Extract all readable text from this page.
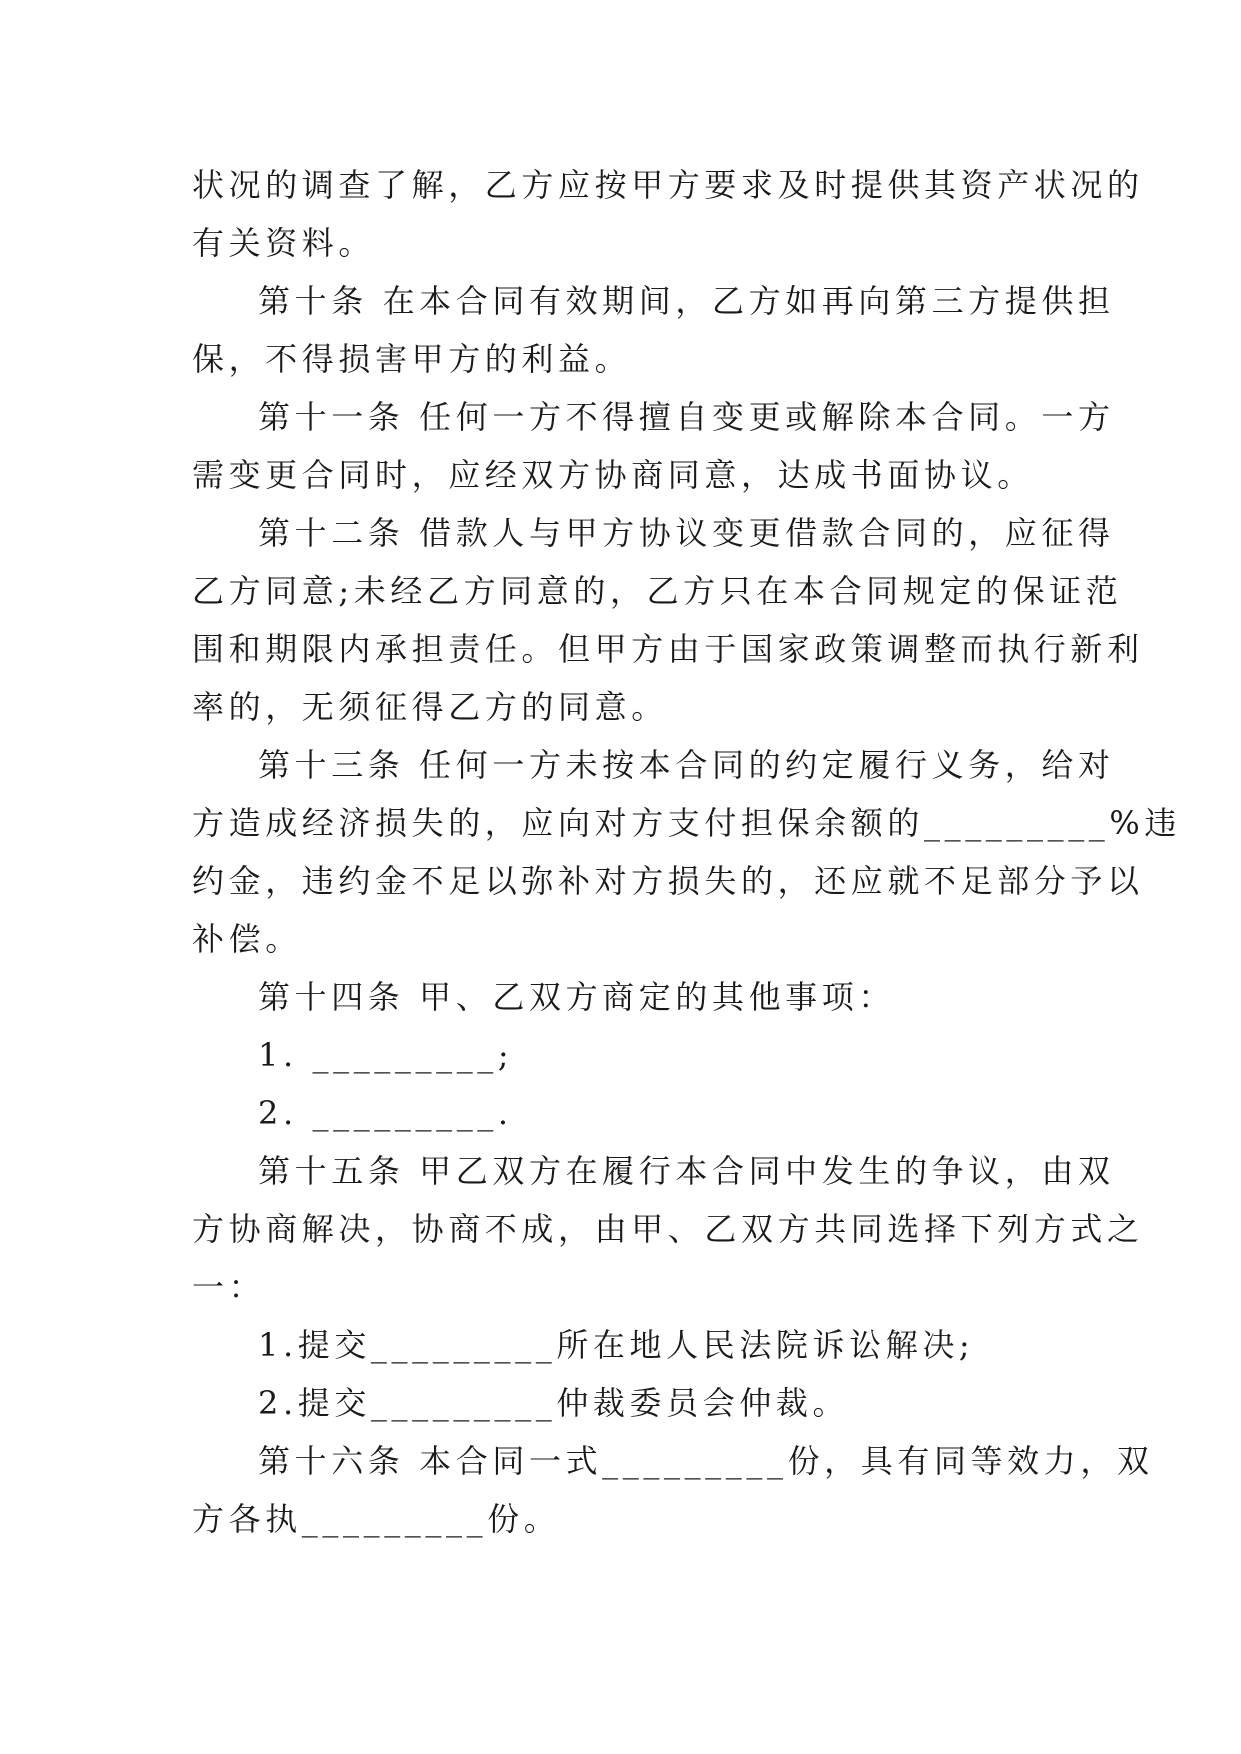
状况的调查了解，乙方应按甲方要求及时提供其资产状况的
有关资料。
第十条 在本合同有效期间，乙方如再向第三方提供担
保，不得损害甲方的利益。
第十一条 任何一方不得擅自变更或解除本合同。一方
需变更合同时，应经双方协商同意，达成书面协议。
第十二条 借款人与甲方协议变更借款合同的，应征得
乙方同意;未经乙方同意的，乙方只在本合同规定的保证范
围和期限内承担责任。但甲方由于国家政策调整而执行新利
率的，无须征得乙方的同意。
第十三条 任何一方未按本合同的约定履行义务，给对
方造成经济损失的，应向对方支付担保余额的_________%违
约金，违约金不足以弥补对方损失的，还应就不足部分予以
补偿。
第十四条 甲、乙双方商定的其他事项：
1. _________;
2. _________.
第十五条 甲乙双方在履行本合同中发生的争议，由双
方协商解决，协商不成，由甲、乙双方共同选择下列方式之
一：
1.提交_________所在地人民法院诉讼解决;
2.提交_________仲裁委员会仲裁。
第十六条 本合同一式_________份，具有同等效力，双
方各执_________份。
